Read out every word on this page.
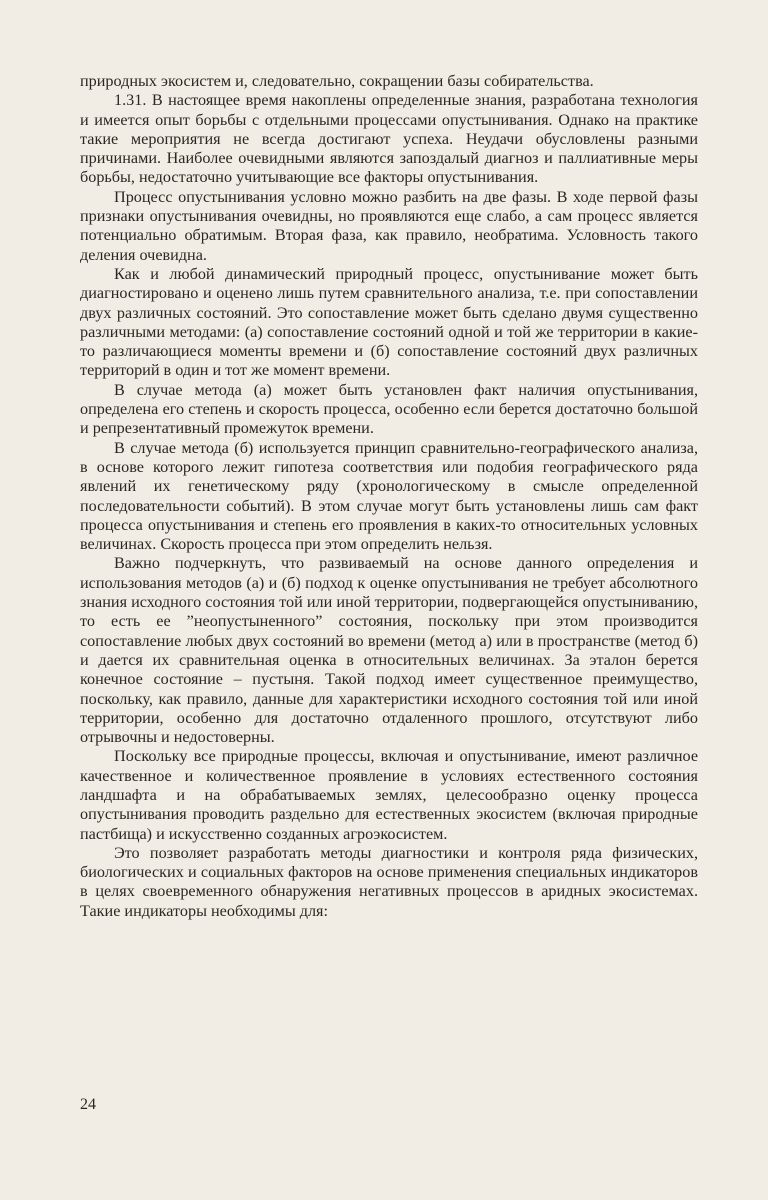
природных экосистем и, следовательно, сокращении базы собирательства.

1.31. В настоящее время накоплены определенные знания, разработана технология и имеется опыт борьбы с отдельными процессами опустынивания. Однако на практике такие мероприятия не всегда достигают успеха. Неудачи обусловлены разными причинами. Наиболее очевидными являются запоздалый диагноз и паллиативные меры борьбы, недостаточно учитывающие все факторы опустынивания.

Процесс опустынивания условно можно разбить на две фазы. В ходе первой фазы признаки опустынивания очевидны, но проявляются еще слабо, а сам процесс является потенциально обратимым. Вторая фаза, как правило, необратима. Условность такого деления очевидна.

Как и любой динамический природный процесс, опустынивание может быть диагностировано и оценено лишь путем сравнительного анализа, т.е. при сопоставлении двух различных состояний. Это сопоставление может быть сделано двумя существенно различными методами: (а) сопоставление состояний одной и той же территории в какие-то различающиеся моменты времени и (б) сопоставление состояний двух различных территорий в один и тот же момент времени.

В случае метода (а) может быть установлен факт наличия опустынивания, определена его степень и скорость процесса, особенно если берется достаточно большой и репрезентативный промежуток времени.

В случае метода (б) используется принцип сравнительно-географического анализа, в основе которого лежит гипотеза соответствия или подобия географического ряда явлений их генетическому ряду (хронологическому в смысле определенной последовательности событий). В этом случае могут быть установлены лишь сам факт процесса опустынивания и степень его проявления в каких-то относительных условных величинах. Скорость процесса при этом определить нельзя.

Важно подчеркнуть, что развиваемый на основе данного определения и использования методов (а) и (б) подход к оценке опустынивания не требует абсолютного знания исходного состояния той или иной территории, подвергающейся опустыниванию, то есть ее ”неопустыненного” состояния, поскольку при этом производится сопоставление любых двух состояний во времени (метод а) или в пространстве (метод б) и дается их сравнительная оценка в относительных величинах. За эталон берется конечное состояние – пустыня. Такой подход имеет существенное преимущество, поскольку, как правило, данные для характеристики исходного состояния той или иной территории, особенно для достаточно отдаленного прошлого, отсутствуют либо отрывочны и недостоверны.

Поскольку все природные процессы, включая и опустынивание, имеют различное качественное и количественное проявление в условиях естественного состояния ландшафта и на обрабатываемых землях, целесообразно оценку процесса опустынивания проводить раздельно для естественных экосистем (включая природные пастбища) и искусственно созданных агроэкосистем.

Это позволяет разработать методы диагностики и контроля ряда физических, биологических и социальных факторов на основе применения специальных индикаторов в целях своевременного обнаружения негативных процессов в аридных экосистемах. Такие индикаторы необходимы для:

24
